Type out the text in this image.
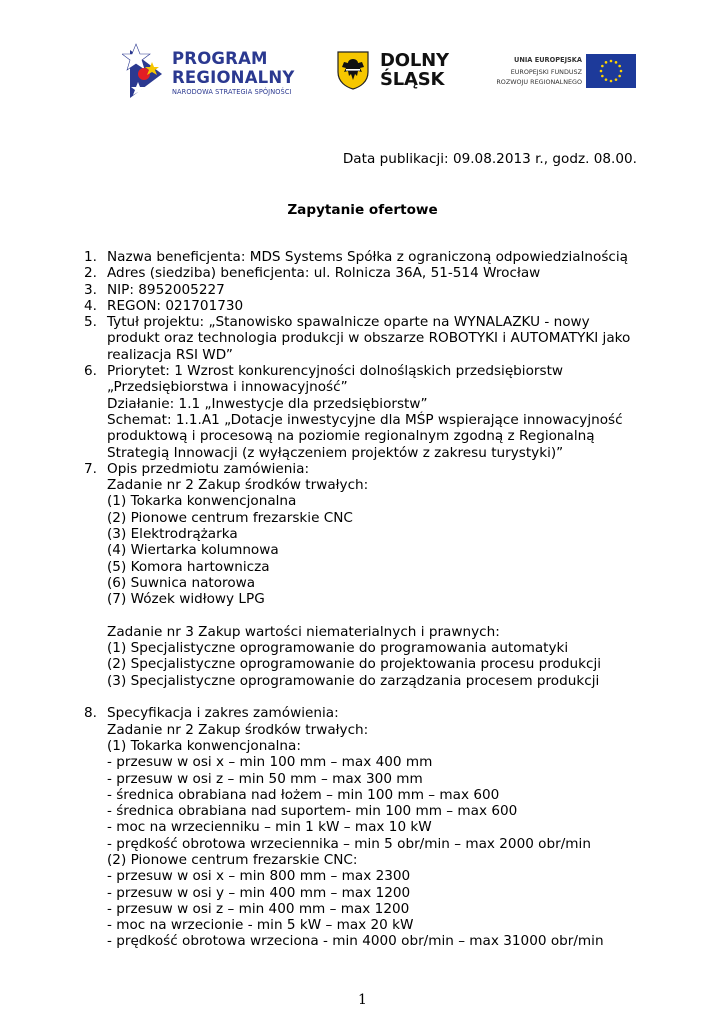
PROGRAM
REGIONALNY
NARODOWA STRATEGIA SPÓJNOŚCI
DOLNY
ŚLĄSK
UNIA EUROPEJSKA
EUROPEJSKI FUNDUSZ
ROZWOJU REGIONALNEGO
Data publikacji: 09.08.2013 r., godz. 08.00.
Zapytanie ofertowe
1. Nazwa beneficjenta: MDS Systems Spółka z ograniczoną odpowiedzialnością
2. Adres (siedziba) beneficjenta: ul. Rolnicza 36A, 51-514 Wrocław
3. NIP: 8952005227
4. REGON: 021701730
5. Tytuł projektu: „Stanowisko spawalnicze oparte na WYNALAZKU - nowy
produkt oraz technologia produkcji w obszarze ROBOTYKI i AUTOMATYKI jako
realizacja RSI WD”
6. Priorytet: 1 Wzrost konkurencyjności dolnośląskich przedsiębiorstw
„Przedsiębiorstwa i innowacyjność”
Działanie: 1.1 „Inwestycje dla przedsiębiorstw”
Schemat: 1.1.A1 „Dotacje inwestycyjne dla MŚP wspierające innowacyjność
produktową i procesową na poziomie regionalnym zgodną z Regionalną
Strategią Innowacji (z wyłączeniem projektów z zakresu turystyki)”
7. Opis przedmiotu zamówienia:
Zadanie nr 2 Zakup środków trwałych:
(1) Tokarka konwencjonalna
(2) Pionowe centrum frezarskie CNC
(3) Elektrodrążarka
(4) Wiertarka kolumnowa
(5) Komora hartownicza
(6) Suwnica natorowa
(7) Wózek widłowy LPG
Zadanie nr 3 Zakup wartości niematerialnych i prawnych:
(1) Specjalistyczne oprogramowanie do programowania automatyki
(2) Specjalistyczne oprogramowanie do projektowania procesu produkcji
(3) Specjalistyczne oprogramowanie do zarządzania procesem produkcji
8. Specyfikacja i zakres zamówienia:
Zadanie nr 2 Zakup środków trwałych:
(1) Tokarka konwencjonalna:
- przesuw w osi x – min 100 mm – max 400 mm
- przesuw w osi z – min 50 mm – max 300 mm
- średnica obrabiana nad łożem – min 100 mm – max 600
- średnica obrabiana nad suportem- min 100 mm – max 600
- moc na wrzecienniku – min 1 kW – max 10 kW
- prędkość obrotowa wrzeciennika – min 5 obr/min – max 2000 obr/min
(2) Pionowe centrum frezarskie CNC:
- przesuw w osi x – min 800 mm – max 2300
- przesuw w osi y – min 400 mm – max 1200
- przesuw w osi z – min 400 mm – max 1200
- moc na wrzecionie - min 5 kW – max 20 kW
- prędkość obrotowa wrzeciona - min 4000 obr/min – max 31000 obr/min
1
